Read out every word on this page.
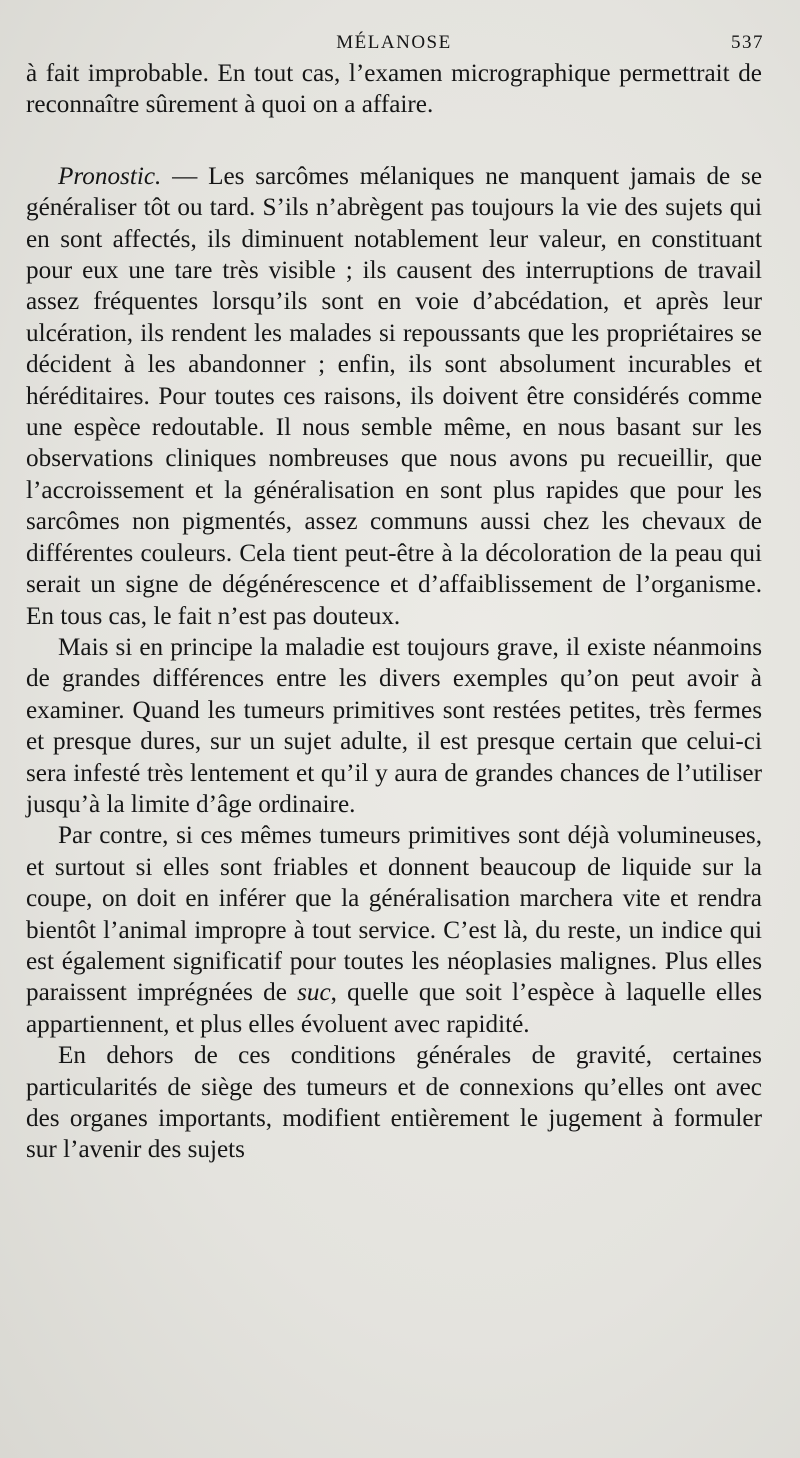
MÉLANOSE	537

à fait improbable. En tout cas, l’examen micrographique permettrait de reconnaître sûrement à quoi on a affaire.

Pronostic. — Les sarcômes mélaniques ne manquent jamais de se généraliser tôt ou tard. S’ils n’abrègent pas toujours la vie des sujets qui en sont affectés, ils diminuent notablement leur valeur, en constituant pour eux une tare très visible ; ils causent des interruptions de travail assez fréquentes lorsqu’ils sont en voie d’abcédation, et après leur ulcération, ils rendent les malades si repoussants que les propriétaires se décident à les abandonner ; enfin, ils sont absolument incurables et héréditaires. Pour toutes ces raisons, ils doivent être considérés comme une espèce redoutable. Il nous semble même, en nous basant sur les observations cliniques nombreuses que nous avons pu recueillir, que l’accroissement et la généralisation en sont plus rapides que pour les sarcômes non pigmentés, assez communs aussi chez les chevaux de différentes couleurs. Cela tient peut-être à la décoloration de la peau qui serait un signe de dégénérescence et d’affaiblissement de l’organisme. En tous cas, le fait n’est pas douteux.

Mais si en principe la maladie est toujours grave, il existe néanmoins de grandes différences entre les divers exemples qu’on peut avoir à examiner. Quand les tumeurs primitives sont restées petites, très fermes et presque dures, sur un sujet adulte, il est presque certain que celui-ci sera infesté très lentement et qu’il y aura de grandes chances de l’utiliser jusqu’à la limite d’âge ordinaire.

Par contre, si ces mêmes tumeurs primitives sont déjà volumineuses, et surtout si elles sont friables et donnent beaucoup de liquide sur la coupe, on doit en inférer que la généralisation marchera vite et rendra bientôt l’animal impropre à tout service. C’est là, du reste, un indice qui est également significatif pour toutes les néoplasies malignes. Plus elles paraissent imprégnées de suc, quelle que soit l’espèce à laquelle elles appartiennent, et plus elles évoluent avec rapidité.

En dehors de ces conditions générales de gravité, certaines particularités de siège des tumeurs et de connexions qu’elles ont avec des organes importants, modifient entièrement le jugement à formuler sur l’avenir des sujets
